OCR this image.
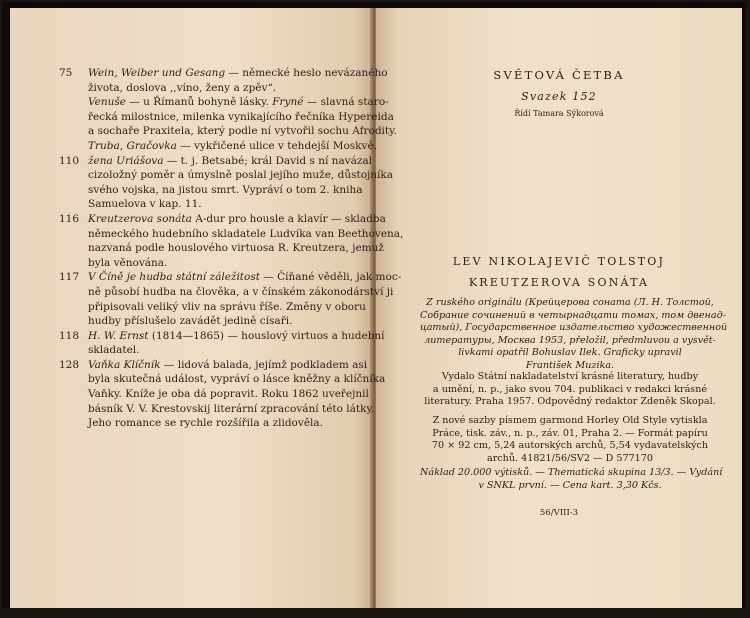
75	Wein, Weiber und Gesang — německé heslo nevázaného
života, doslova ,,víno, ženy a zpěv“.
Venuše — u Římanů bohyně lásky. Fryné — slavná staro-
řecká milostnice, milenka vynikajícího řečníka Hypereida
a sochaře Praxitela, který podle ní vytvořil sochu Afrodity.
Truba, Gračovka — vykřičené ulice v tehdejší Moskvě.
110 žena Uriášova — t. j. Betsabé; král David s ní navázal
cizoložný poměr a úmyslně poslal jejího muže, důstojníka
svého vojska, na jistou smrt. Vypráví o tom 2. kniha
Samuelova v kap. 11.
116 Kreutzerova sonáta A-dur pro housle a klavír — skladba
německého hudebního skladatele Ludvíka van Beethovena,
nazvaná podle houslového virtuosa R. Kreutzera, jemuž
byla věnována.
117 V Číně je hudba státní záležitost — Číňané věděli, jak moc-
ně působí hudba na člověka, a v čínském zákonodárství ji
připisovali veliký vliv na správu říše. Změny v oboru
hudby příslušelo zavádět jedině císaři.
118 H. W. Ernst (1814—1865) — houslový virtuos a hudební
skladatel.
128 Vaňka Klíčník — lidová balada, jejímž podkladem asi
byla skutečná událost, vypráví o lásce kněžny a klíčníka
Vaňky. Kníže je oba dá popravit. Roku 1862 uveřejnil
básník V. V. Krestovskij literární zpracování této látky.
Jeho romance se rychle rozšířila a zlidověla.
SVĚTOVÁ ČETBA
Svazek 152
Řídí Tamara Sýkorová
LEV NIKOLAJEVIČ TOLSTOJ
KREUTZEROVA SONÁTA
Z ruského originálu (Крейцерова соната (Л. Н. Толстой,
Собрание сочинений в четырнадцати томах, том двенад-
цатый), Государственное издательство художественной
литературы, Москва 1953, přeložil, předmluvou a vysvět-
livkami opatřil Bohuslav Ilek. Graficky upravil
František Muzika.
Vydalo Státní nakladatelství krásné literatury, hudby
a umění, n. p., jako svou 704. publikaci v redakci krásné
literatury. Praha 1957. Odpovědný redaktor Zdeněk Skopal.
Z nové sazby písmem garmond Horley Old Style vytiskla
Práce, tisk. záv., n. p., záv. 01, Praha 2. — Formát papíru
70 × 92 cm, 5,24 autorských archů, 5,54 vydavatelských
archů. 41821/56/SV2 — D 577170
Náklad 20.000 výtisků. — Thematická skupina 13/3. — Vydání
v SNKL první. — Cena kart. 3,30 Kčs.
56/VIII-3
